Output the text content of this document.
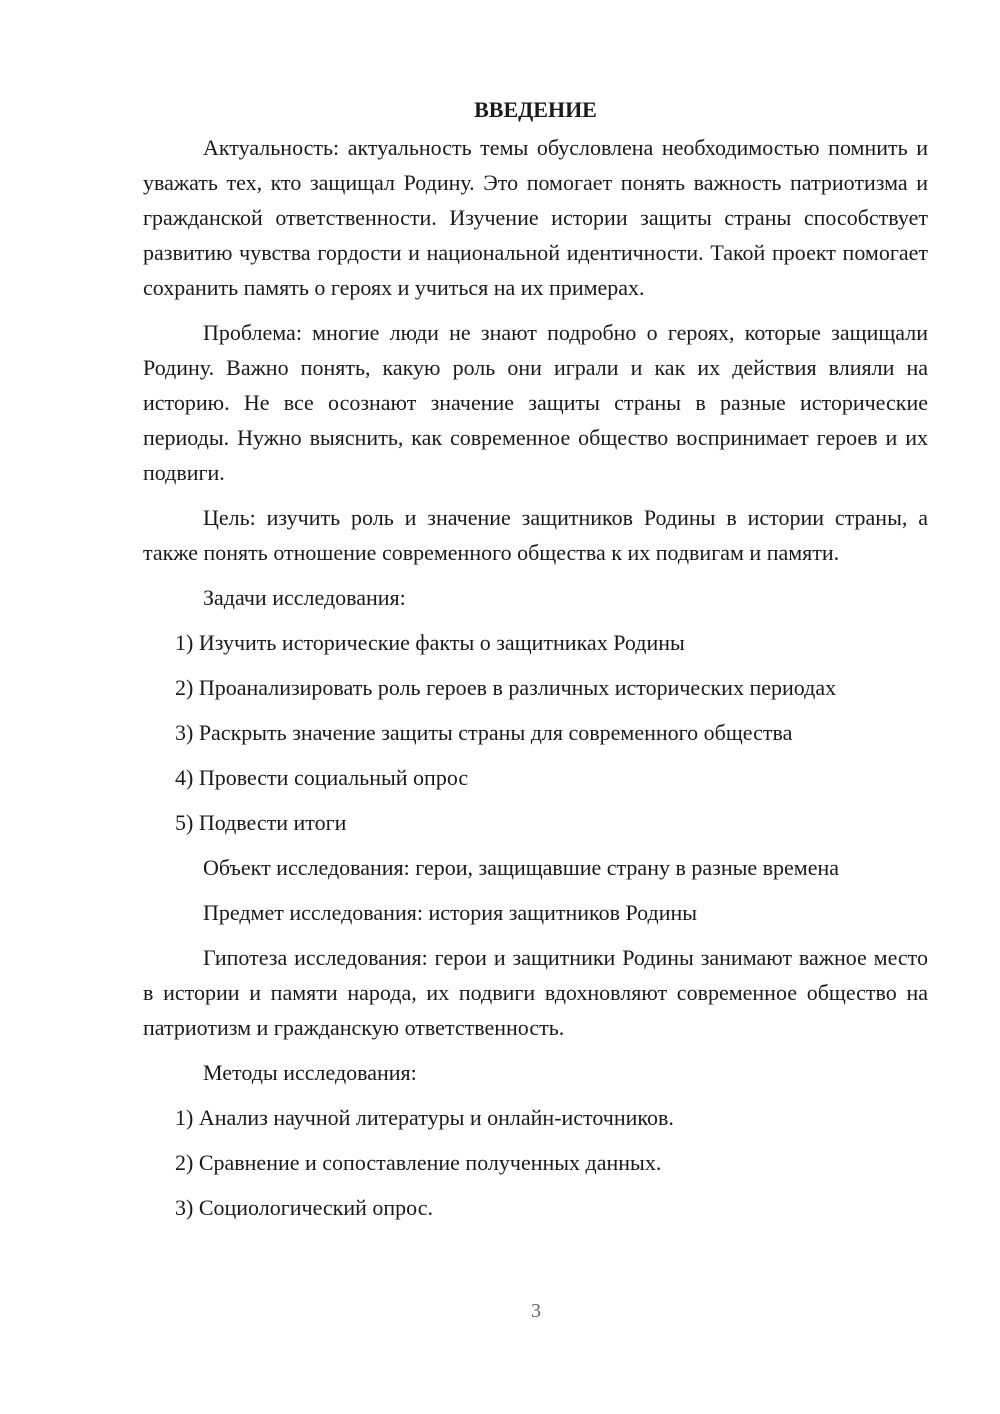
ВВЕДЕНИЕ
Актуальность: актуальность темы обусловлена необходимостью помнить и уважать тех, кто защищал Родину. Это помогает понять важность патриотизма и гражданской ответственности. Изучение истории защиты страны способствует развитию чувства гордости и национальной идентичности. Такой проект помогает сохранить память о героях и учиться на их примерах.
Проблема: многие люди не знают подробно о героях, которые защищали Родину. Важно понять, какую роль они играли и как их действия влияли на историю. Не все осознают значение защиты страны в разные исторические периоды. Нужно выяснить, как современное общество воспринимает героев и их подвиги.
Цель: изучить роль и значение защитников Родины в истории страны, а также понять отношение современного общества к их подвигам и памяти.
Задачи исследования:
1) Изучить исторические факты о защитниках Родины
2) Проанализировать роль героев в различных исторических периодах
3) Раскрыть значение защиты страны для современного общества
4) Провести социальный опрос
5) Подвести итоги
Объект исследования: герои, защищавшие страну в разные времена
Предмет исследования: история защитников Родины
Гипотеза исследования: герои и защитники Родины занимают важное место в истории и памяти народа, их подвиги вдохновляют современное общество на патриотизм и гражданскую ответственность.
Методы исследования:
1) Анализ научной литературы и онлайн-источников.
2) Сравнение и сопоставление полученных данных.
3) Социологический опрос.
3
